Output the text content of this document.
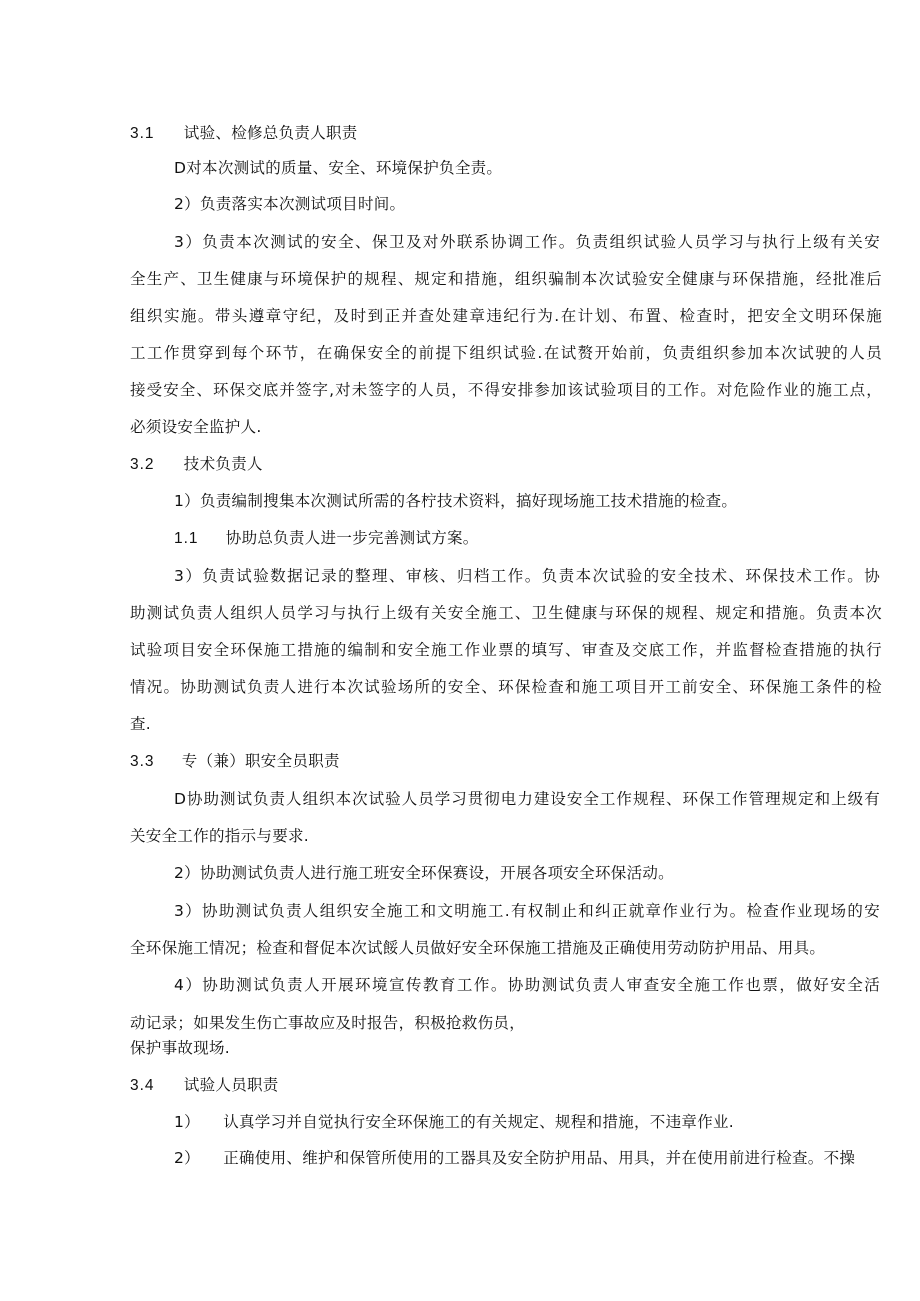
3.1 试验、检修总负责人职责
D对本次测试的质量、安全、环境保护负全责。
2）负责落实本次测试项目时间。
3）负责本次测试的安全、保卫及对外联系协调工作。负责组织试验人员学习与执行上级有关安
全生产、卫生健康与环境保护的规程、规定和措施，组织骗制本次试验安全健康与环保措施，经批准后
组织实施。带头遵章守纪，及时到正并查处建章违纪行为.在计划、布置、检查时，把安全文明环保施
工工作贯穿到每个环节，在确保安全的前提下组织试验.在试赘开始前，负责组织参加本次试驶的人员
接受安全、环保交底并签字,对未签字的人员，不得安排参加该试验项目的工作。对危险作业的施工点，
必须设安全监护人.
3.2 技术负责人
1）负责编制搜集本次测试所需的各柠技术资料，搞好现场施工技术措施的检查。
1.1 协助总负责人进一步完善测试方案。
3）负责试验数据记录的整理、审核、归档工作。负责本次试验的安全技术、环保技术工作。协
助测试负责人组织人员学习与执行上级有关安全施工、卫生健康与环保的规程、规定和措施。负责本次
试验项目安全环保施工措施的编制和安全施工作业票的填写、审查及交底工作，并监督检查措施的执行
情况。协助测试负责人进行本次试验场所的安全、环保检查和施工项目开工前安全、环保施工条件的检
查.
3.3 专（兼）职安全员职责
D协助测试负责人组织本次试验人员学习贯彻电力建设安全工作规程、环保工作管理规定和上级有
关安全工作的指示与要求.
2）协助测试负责人进行施工班安全环保赛设，开展各项安全环保活动。
3）协助测试负责人组织安全施工和文明施工.有权制止和纠正就章作业行为。检查作业现场的安
全环保施工情况；检查和督促本次试餒人员做好安全环保施工措施及正确使用劳动防护用品、用具。
4）协助测试负责人开展环境宣传教育工作。协助测试负责人审查安全施工作也票，做好安全活
动记录；如果发生伤亡事故应及时报告，积极抢救伤员，
保护事故现场.
3.4 试验人员职责
1） 认真学习并自觉执行安全环保施工的有关规定、规程和措施，不违章作业.
2） 正确使用、维护和保管所使用的工器具及安全防护用品、用具，并在使用前进行检查。不操
